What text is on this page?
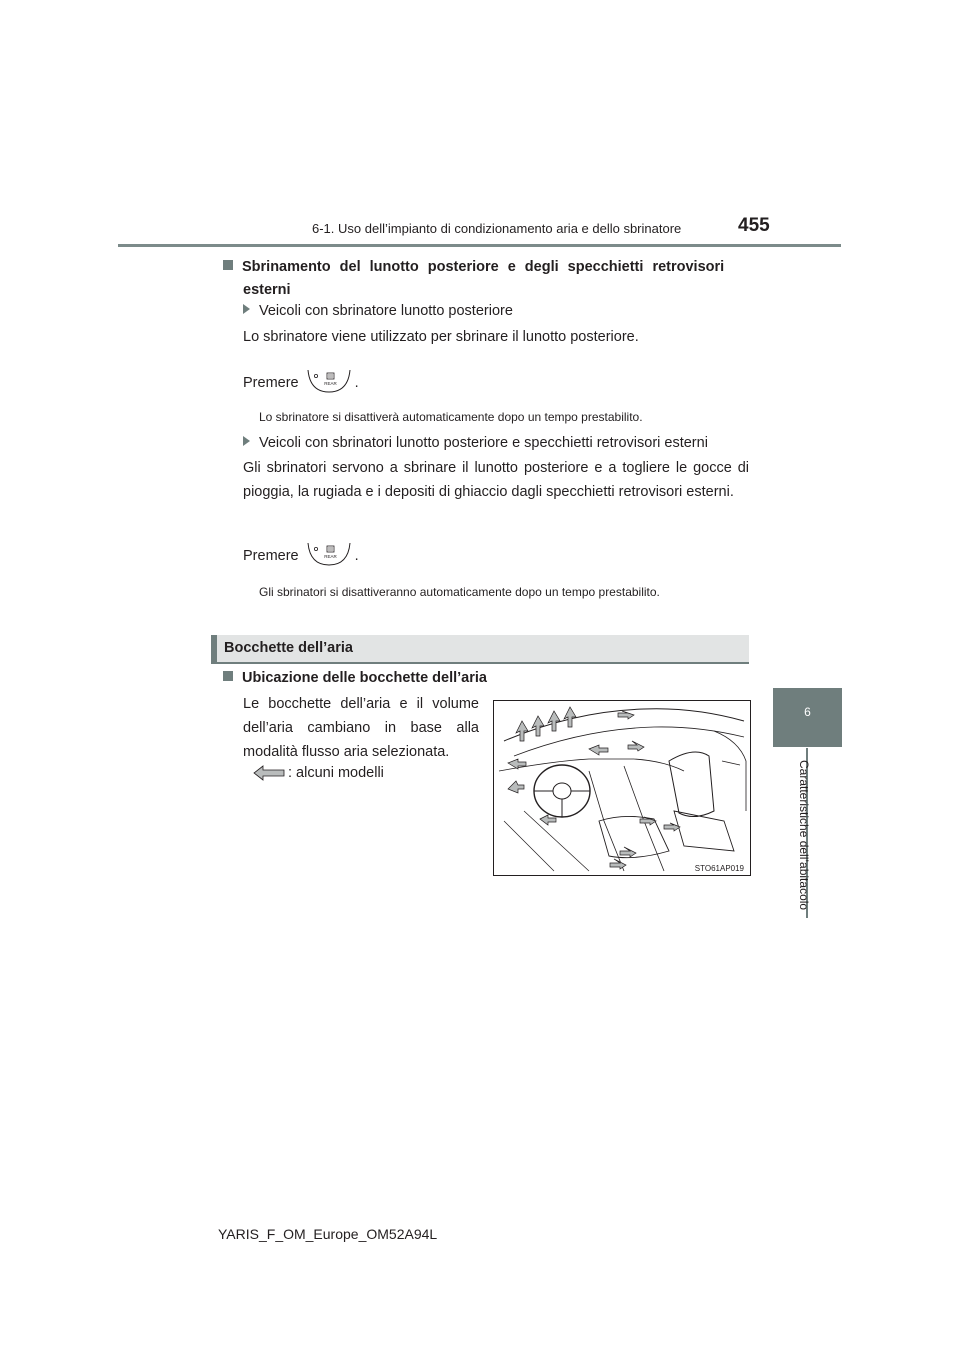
6-1. Uso dell’impianto di condizionamento aria e dello sbrinatore	455
6
Caratteristiche dell’abitacolo
Sbrinamento del lunotto posteriore e degli specchietti retrovisori
esterni
Veicoli con sbrinatore lunotto posteriore
Lo sbrinatore viene utilizzato per sbrinare il lunotto posteriore.
Premere	REAR .
Lo sbrinatore si disattiverà automaticamente dopo un tempo prestabilito.
Veicoli con sbrinatori lunotto posteriore e specchietti retrovisori esterni
Gli sbrinatori servono a sbrinare il lunotto posteriore e a togliere le gocce di pioggia, la rugiada e i depositi di ghiaccio dagli specchietti retrovisori esterni.
Premere	REAR .
Gli sbrinatori si disattiveranno automaticamente dopo un tempo prestabilito.
Bocchette dell’aria
Ubicazione delle bocchette dell’aria
Le bocchette dell’aria e il volume dell’aria cambiano in base alla modalità flusso aria selezionata.
: alcuni modelli
STO61AP019
YARIS_F_OM_Europe_OM52A94L
